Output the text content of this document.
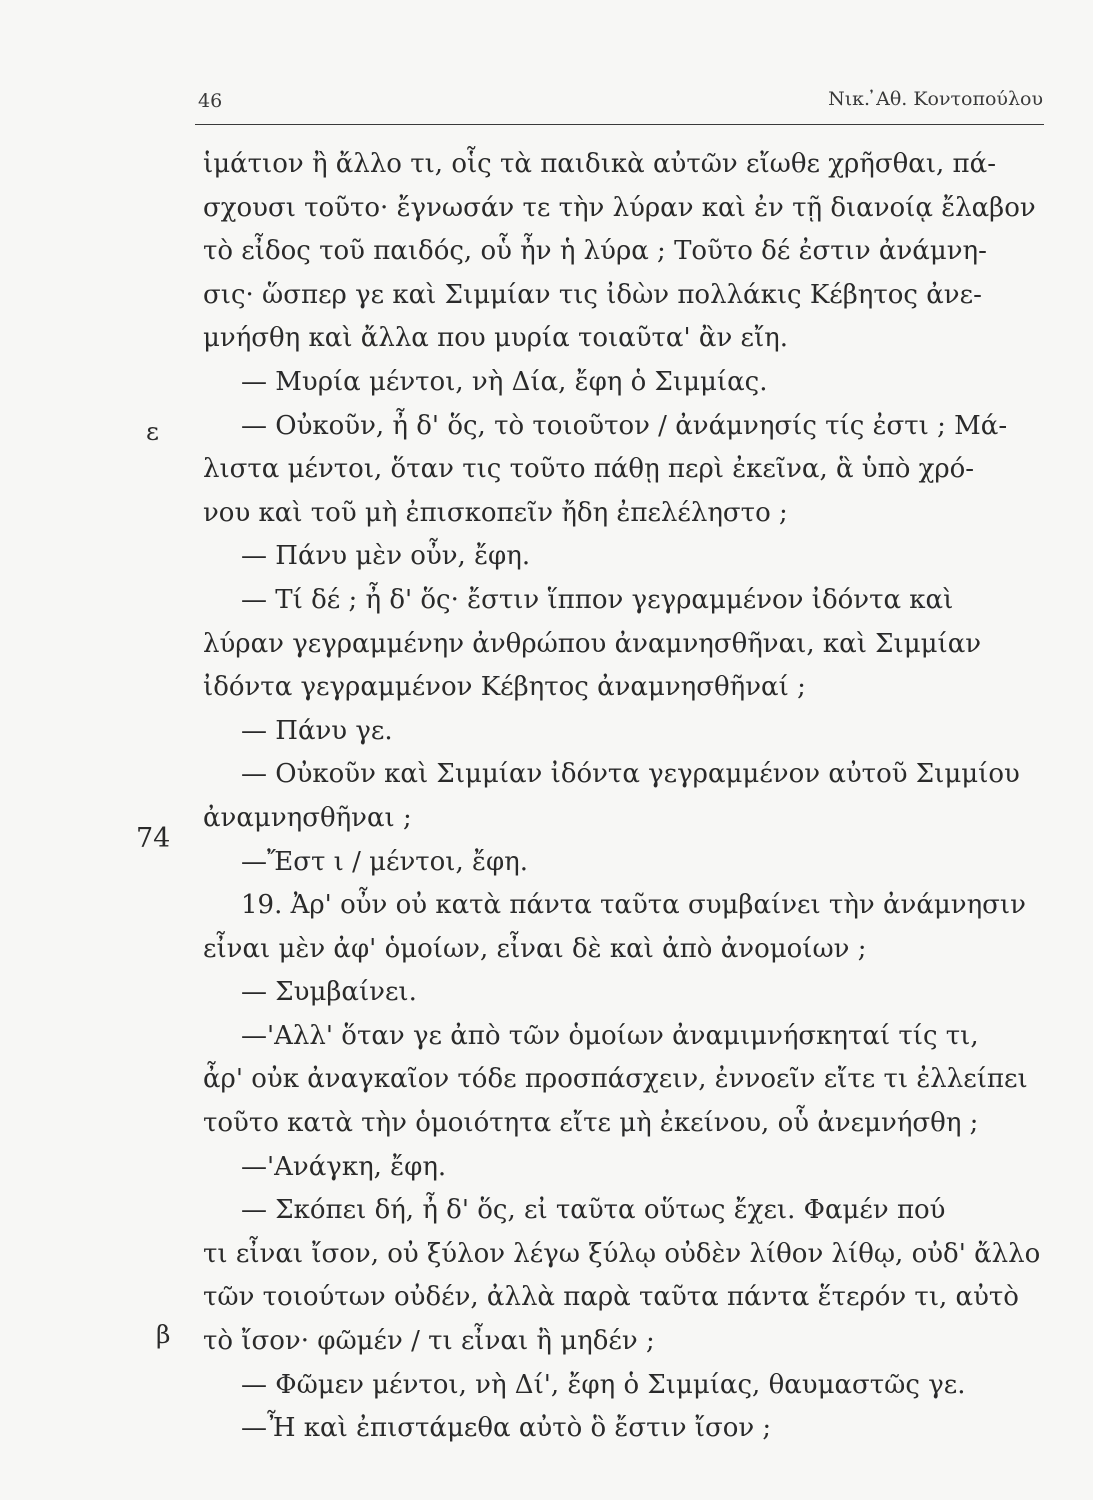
46	Νικ. ̓Αθ. Κοντοπούλου
ε
74
β
ἱμάτιον ἢ ἄλλο τι, οἷς τὰ παιδικὰ αὐτῶν εἴωθε χρῆσθαι, πά-
σχουσι τοῦτο· ἔγνωσάν τε τὴν λύραν καὶ ἐν τῇ διανοίᾳ ἔλαβον
τὸ εἶδος τοῦ παιδός, οὗ ἦν ἡ λύρα ; Τοῦτο δέ ἐστιν ἀνάμνη-
σις· ὥσπερ γε καὶ Σιμμίαν τις ἰδὼν πολλάκις Κέβητος ἀνε-
μνήσθη καὶ ἄλλα που μυρία τοιαῦτα' ἂν εἴη.
— Μυρία μέντοι, νὴ Δία, ἔφη ὁ Σιμμίας.
— Οὐκοῦν, ἦ δ' ὅς, τὸ τοιοῦτον / ἀνάμνησίς τίς ἐστι ; Μά-
λιστα μέντοι, ὅταν τις τοῦτο πάθῃ περὶ ἐκεῖνα, ἃ ὑπὸ χρό-
νου καὶ τοῦ μὴ ἐπισκοπεῖν ἤδη ἐπελέληστο ;
— Πάνυ μὲν οὖν, ἔφη.
— Τί δέ ; ἦ δ' ὅς· ἔστιν ἵππον γεγραμμένον ἰδόντα καὶ
λύραν γεγραμμένην ἀνθρώπου ἀναμνησθῆναι, καὶ Σιμμίαν
ἰδόντα γεγραμμένον Κέβητος ἀναμνησθῆναί ;
— Πάνυ γε.
— Οὐκοῦν καὶ Σιμμίαν ἰδόντα γεγραμμένον αὐτοῦ Σιμμίου
ἀναμνησθῆναι ;
—Ἔστ ι / μέντοι, ἔφη.
19. Ἀρ' οὖν οὐ κατὰ πάντα ταῦτα συμβαίνει τὴν ἀνάμνησιν
εἶναι μὲν ἀφ' ὁμοίων, εἶναι δὲ καὶ ἀπὸ ἀνομοίων ;
— Συμβαίνει.
—'Αλλ' ὅταν γε ἀπὸ τῶν ὁμοίων ἀναμιμνήσκηταί τίς τι,
ἆρ' οὐκ ἀναγκαῖον τόδε προσπάσχειν, ἐννοεῖν εἴτε τι ἐλλείπει
τοῦτο κατὰ τὴν ὁμοιότητα εἴτε μὴ ἐκείνου, οὗ ἀνεμνήσθη ;
—'Ανάγκη, ἔφη.
— Σκόπει δή, ἦ δ' ὅς, εἰ ταῦτα οὕτως ἔχει. Φαμέν πού
τι εἶναι ἴσον, οὐ ξύλον λέγω ξύλῳ οὐδὲν λίθον λίθῳ, οὐδ' ἄλλο
τῶν τοιούτων οὐδέν, ἀλλὰ παρὰ ταῦτα πάντα ἕτερόν τι, αὐτὸ
τὸ ἴσον· φῶμέν / τι εἶναι ἢ μηδέν ;
— Φῶμεν μέντοι, νὴ Δί', ἔφη ὁ Σιμμίας, θαυμαστῶς γε.
—Ἦ καὶ ἐπιστάμεθα αὐτὸ ὃ ἔστιν ἴσον ;
